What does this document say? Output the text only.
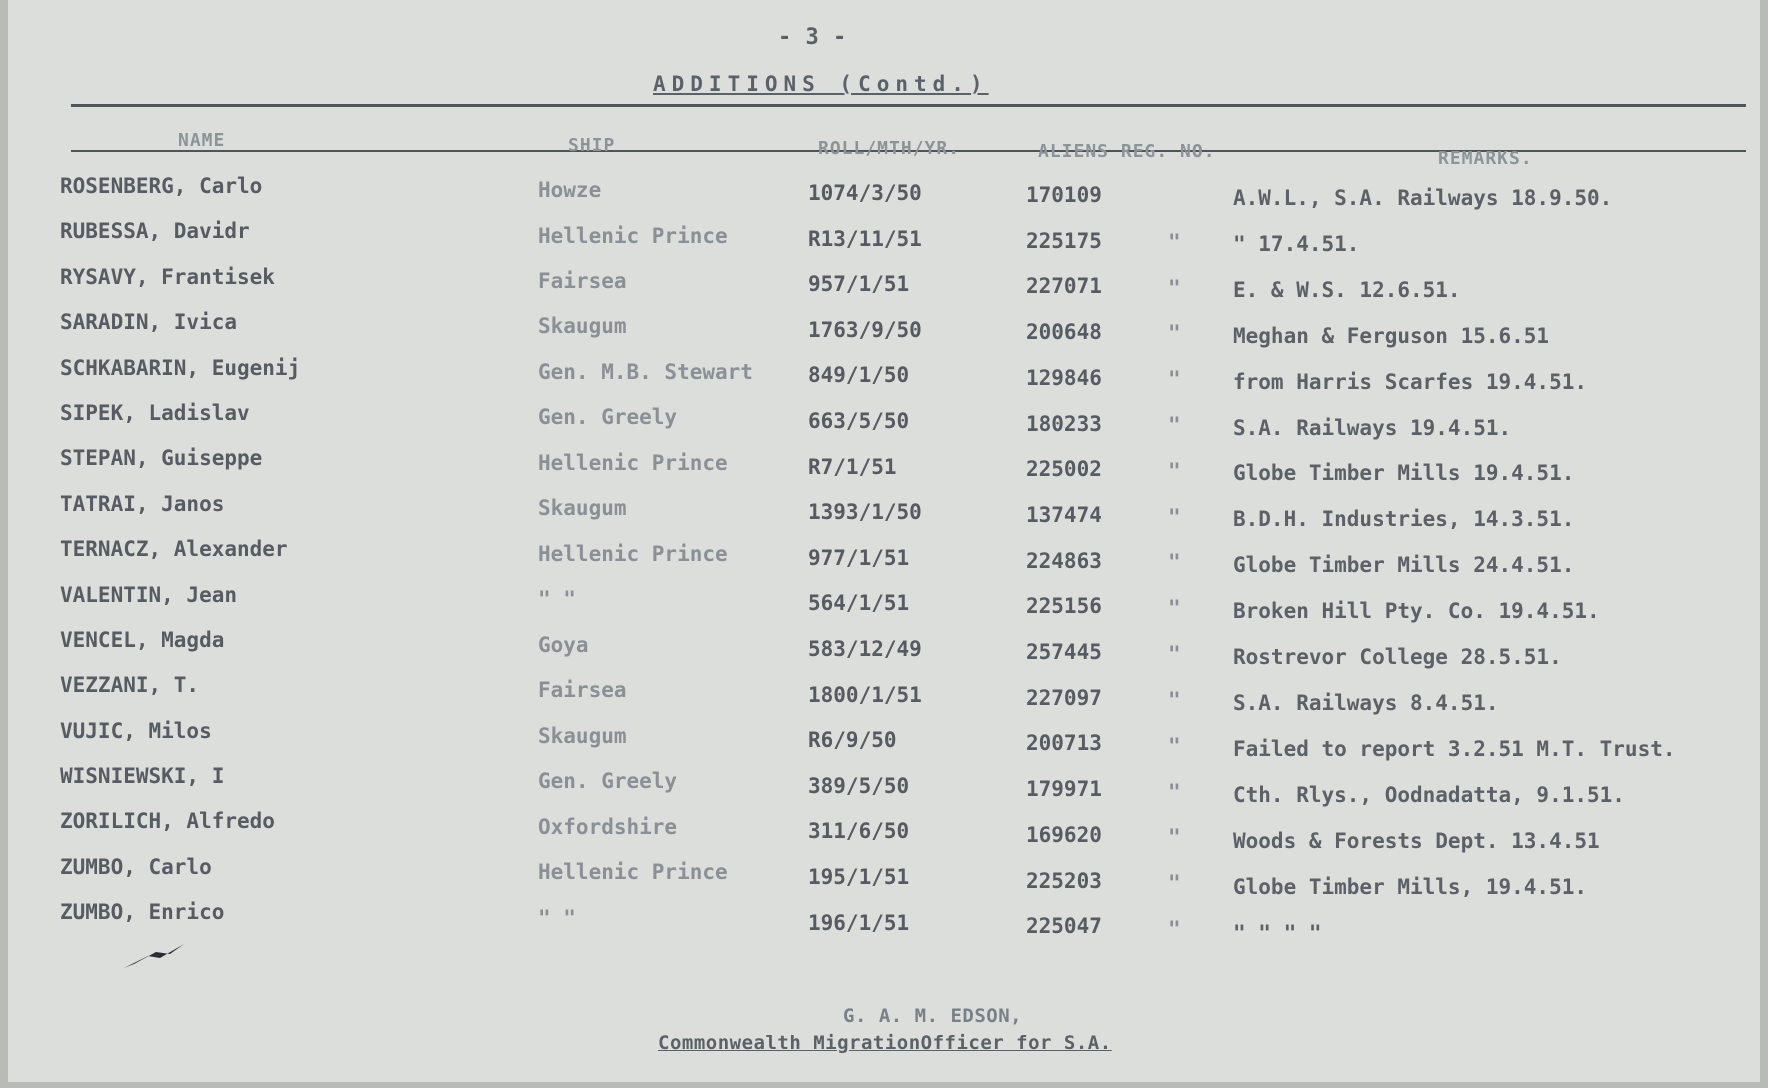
- 3 -
ADDITIONS (Contd.)
NAME	SHIP	ROLL/MTH/YR.	ALIENS REG. NO.	REMARKS.
ROSENBERG, Carlo	Howze	1074/3/50	170109	A.W.L., S.A. Railways 18.9.50.
RUBESSA, Davidr	Hellenic Prince	R13/11/51	225175	" " 17.4.51.
RYSAVY, Frantisek	Fairsea	957/1/51	227071	" E. & W.S. 12.6.51.
SARADIN, Ivica	Skaugum	1763/9/50	200648	" Meghan & Ferguson 15.6.51
SCHKABARIN, Eugenij	Gen. M.B. Stewart	849/1/50	129846	" from Harris Scarfes 19.4.51.
SIPEK, Ladislav	Gen. Greely	663/5/50	180233	" S.A. Railways 19.4.51.
STEPAN, Guiseppe	Hellenic Prince	R7/1/51	225002	" Globe Timber Mills 19.4.51.
TATRAI, Janos	Skaugum	1393/1/50	137474	" B.D.H. Industries, 14.3.51.
TERNACZ, Alexander	Hellenic Prince	977/1/51	224863	" Globe Timber Mills 24.4.51.
VALENTIN, Jean	" "	564/1/51	225156	" Broken Hill Pty. Co. 19.4.51.
VENCEL, Magda	Goya	583/12/49	257445	" Rostrevor College 28.5.51.
VEZZANI, T.	Fairsea	1800/1/51	227097	" S.A. Railways 8.4.51.
VUJIC, Milos	Skaugum	R6/9/50	200713	" Failed to report 3.2.51 M.T. Trust.
WISNIEWSKI, I	Gen. Greely	389/5/50	179971	" Cth. Rlys., Oodnadatta, 9.1.51.
ZORILICH, Alfredo	Oxfordshire	311/6/50	169620	" Woods & Forests Dept. 13.4.51
ZUMBO, Carlo	Hellenic Prince	195/1/51	225203	" Globe Timber Mills, 19.4.51.
ZUMBO, Enrico	" "	196/1/51	225047	" " " " "
G. A. M. EDSON,
Commonwealth MigrationOfficer for S.A.
